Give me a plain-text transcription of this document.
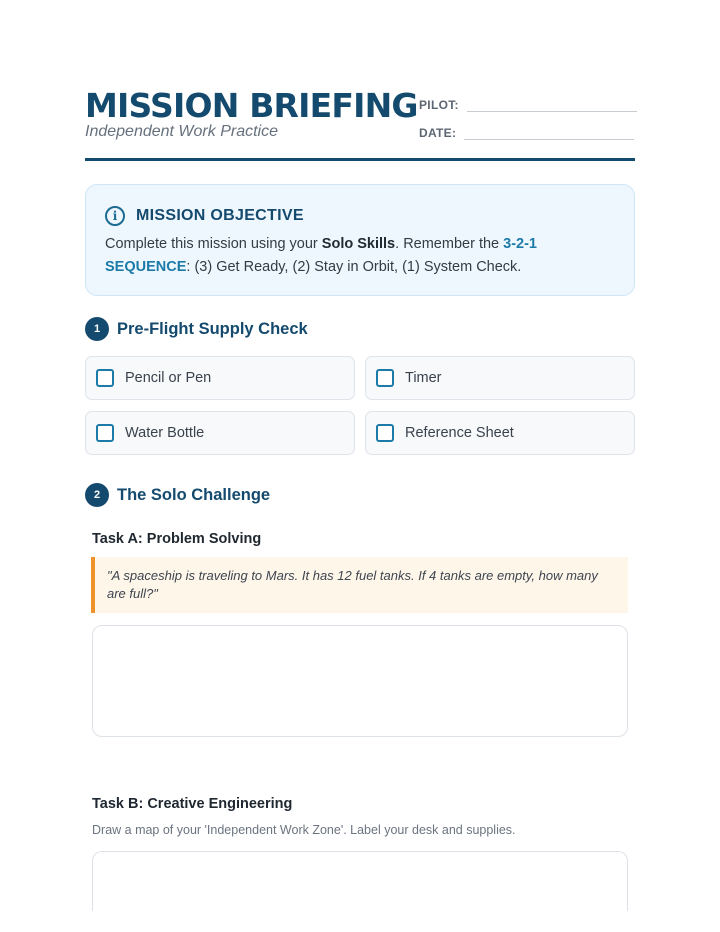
MISSION BRIEFING
Independent Work Practice
PILOT:
DATE:
i	MISSION OBJECTIVE
Complete this mission using your Solo Skills. Remember the 3-2-1 SEQUENCE: (3) Get Ready, (2) Stay in Orbit, (1) System Check.
1	Pre-Flight Supply Check
Pencil or Pen	Timer
Water Bottle	Reference Sheet
2	The Solo Challenge
Task A: Problem Solving
"A spaceship is traveling to Mars. It has 12 fuel tanks. If 4 tanks are empty, how many are full?"
Task B: Creative Engineering
Draw a map of your 'Independent Work Zone'. Label your desk and supplies.
